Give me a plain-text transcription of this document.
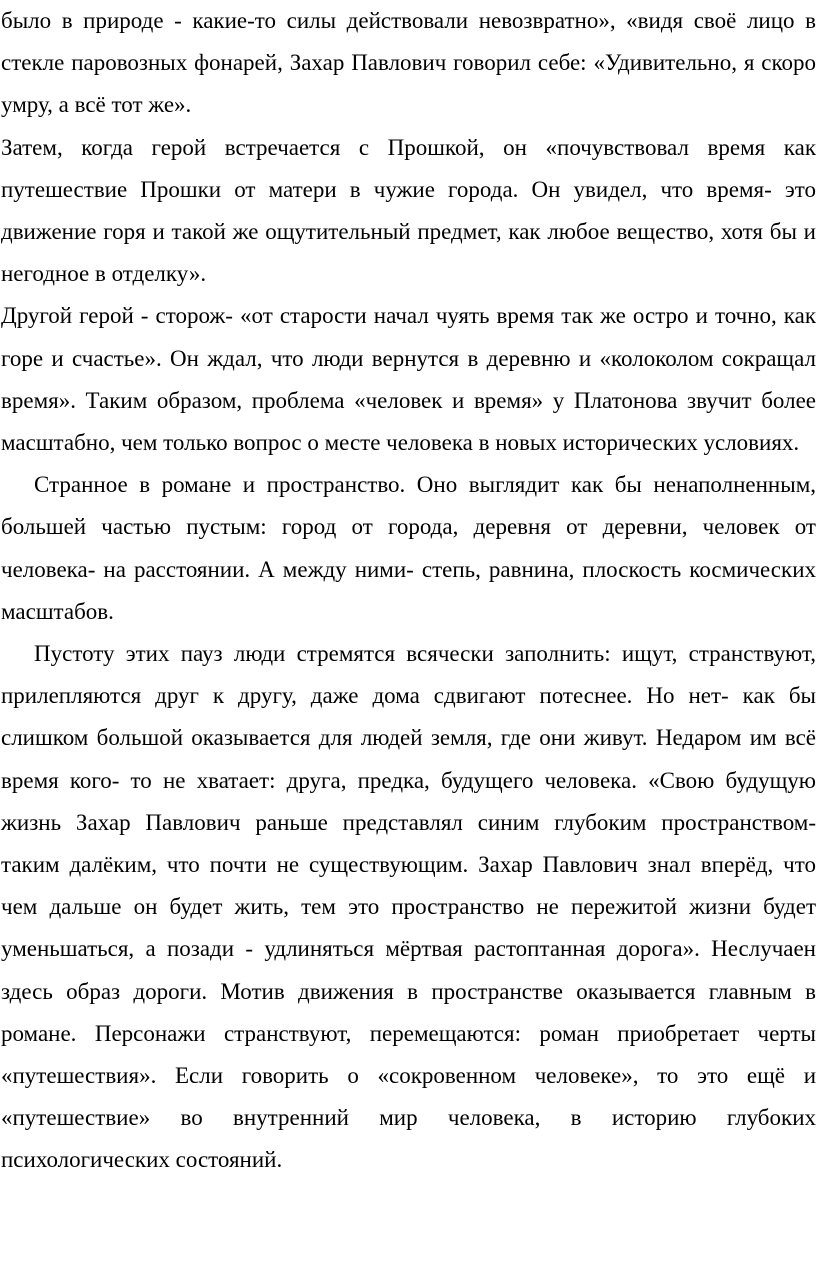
было в природе - какие-то силы действовали невозвратно», «видя своё лицо в стекле паровозных фонарей, Захар Павлович говорил себе: «Удивительно, я скоро умру, а всё тот же».

Затем, когда герой встречается с Прошкой, он «почувствовал время как путешествие Прошки от матери в чужие города. Он увидел, что время- это движение горя и такой же ощутительный предмет, как любое вещество, хотя бы и негодное в отделку».

Другой герой - сторож- «от старости начал чуять время так же остро и точно, как горе и счастье». Он ждал, что люди вернутся в деревню и «колоколом сокращал время». Таким образом, проблема «человек и время» у Платонова звучит более масштабно, чем только вопрос о месте человека в новых исторических условиях.

Странное в романе и пространство. Оно выглядит как бы ненаполненным, большей частью пустым: город от города, деревня от деревни, человек от человека- на расстоянии. А между ними- степь, равнина, плоскость космических масштабов.

Пустоту этих пауз люди стремятся всячески заполнить: ищут, странствуют, прилепляются друг к другу, даже дома сдвигают потеснее. Но нет- как бы слишком большой оказывается для людей земля, где они живут. Недаром им всё время кого- то не хватает: друга, предка, будущего человека. «Свою будущую жизнь Захар Павлович раньше представлял синим глубоким пространством- таким далёким, что почти не существующим. Захар Павлович знал вперёд, что чем дальше он будет жить, тем это пространство не пережитой жизни будет уменьшаться, а позади - удлиняться мёртвая растоптанная дорога». Неслучаен здесь образ дороги. Мотив движения в пространстве оказывается главным в романе. Персонажи странствуют, перемещаются: роман приобретает черты «путешествия». Если говорить о «сокровенном человеке», то это ещё и «путешествие» во внутренний мир человека, в историю глубоких психологических состояний.
